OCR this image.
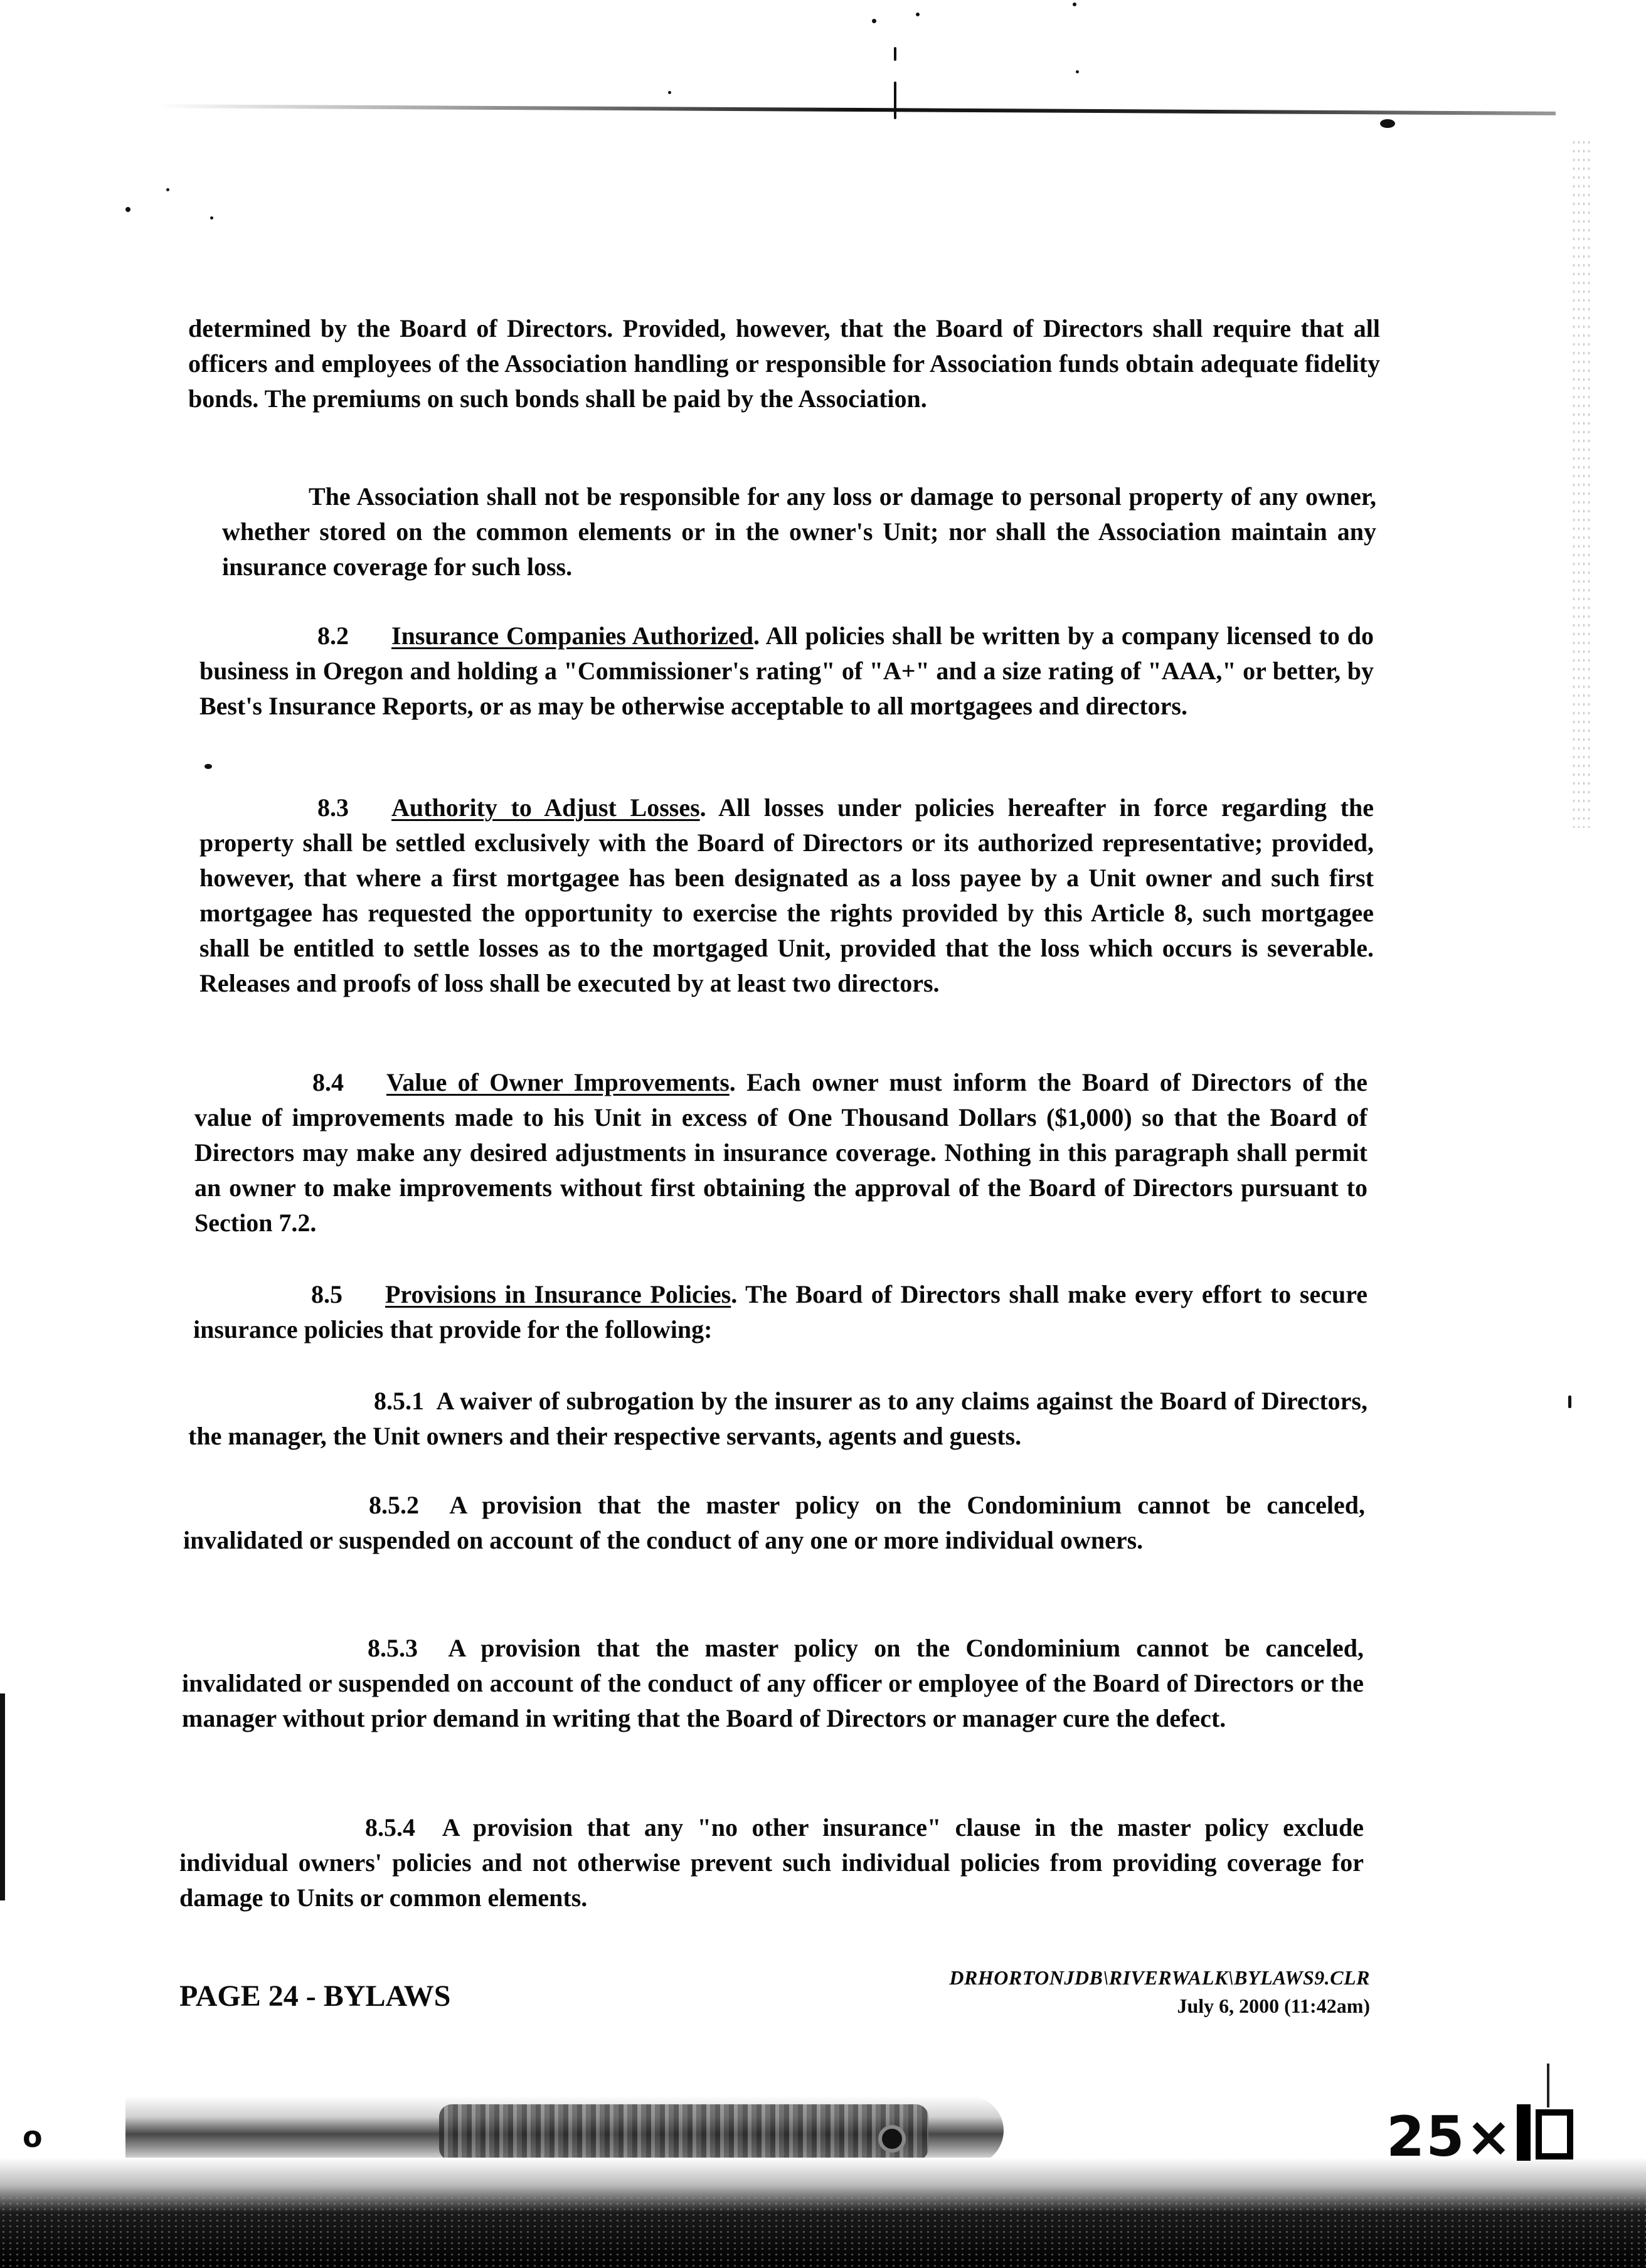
determined by the Board of Directors. Provided, however, that the Board of Directors shall require that all officers and employees of the Association handling or responsible for Association funds obtain adequate fidelity bonds. The premiums on such bonds shall be paid by the Association.

The Association shall not be responsible for any loss or damage to personal property of any owner, whether stored on the common elements or in the owner's Unit; nor shall the Association maintain any insurance coverage for such loss.

8.2 Insurance Companies Authorized. All policies shall be written by a company licensed to do business in Oregon and holding a "Commissioner's rating" of "A+" and a size rating of "AAA," or better, by Best's Insurance Reports, or as may be otherwise acceptable to all mortgagees and directors.
8.3 Authority to Adjust Losses. All losses under policies hereafter in force regarding the property shall be settled exclusively with the Board of Directors or its authorized representative; provided, however, that where a first mortgagee has been designated as a loss payee by a Unit owner and such first mortgagee has requested the opportunity to exercise the rights provided by this Article 8, such mortgagee shall be entitled to settle losses as to the mortgaged Unit, provided that the loss which occurs is severable. Releases and proofs of loss shall be executed by at least two directors.
8.4 Value of Owner Improvements. Each owner must inform the Board of Directors of the value of improvements made to his Unit in excess of One Thousand Dollars ($1,000) so that the Board of Directors may make any desired adjustments in insurance coverage. Nothing in this paragraph shall permit an owner to make improvements without first obtaining the approval of the Board of Directors pursuant to Section 7.2.
8.5 Provisions in Insurance Policies. The Board of Directors shall make every effort to secure insurance policies that provide for the following:
8.5.1 A waiver of subrogation by the insurer as to any claims against the Board of Directors, the manager, the Unit owners and their respective servants, agents and guests.
8.5.2 A provision that the master policy on the Condominium cannot be canceled, invalidated or suspended on account of the conduct of any one or more individual owners.
8.5.3 A provision that the master policy on the Condominium cannot be canceled, invalidated or suspended on account of the conduct of any officer or employee of the Board of Directors or the manager without prior demand in writing that the Board of Directors or manager cure the defect.
8.5.4 A provision that any "no other insurance" clause in the master policy exclude individual owners' policies and not otherwise prevent such individual policies from providing coverage for damage to Units or common elements.
PAGE 24 - BYLAWS
DRHORTONJDB\RIVERWALK\BYLAWS9.CLR
July 6, 2000 (11:42am)
o	25×
